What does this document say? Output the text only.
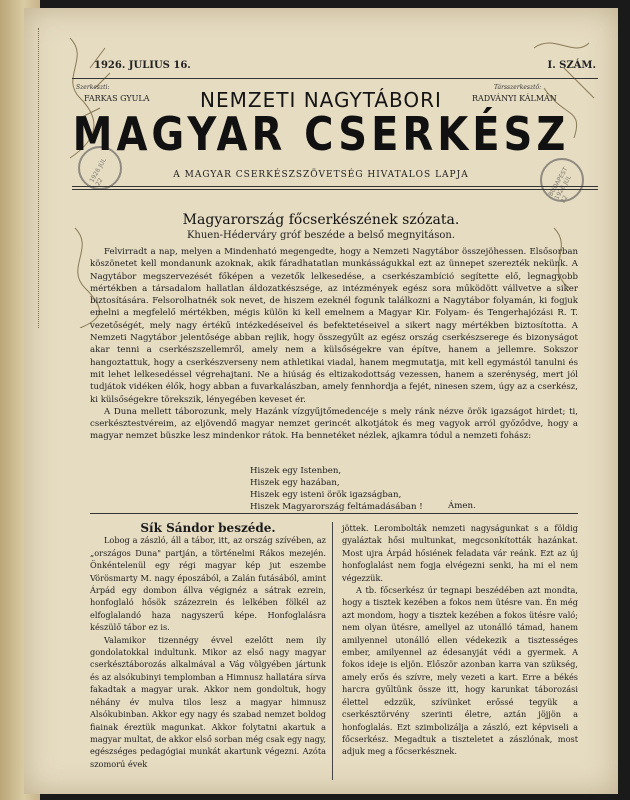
1926 JÚL 22	BUDAPEST 1926 JÚL 22
1926. JULIUS 16.	I. SZÁM.
Szerkeszti:
FARKAS GYULA
Társszerkesztő:
RADVÁNYI KÁLMÁN
NEMZETI NAGYTÁBORI
MAGYAR CSERKÉSZ
A MAGYAR CSERKÉSZSZÖVETSÉG HIVATALOS LAPJA
Magyarország főcserkészének szózata.
Khuen-Héderváry gróf beszéde a belső megnyitáson.

Felvirradt a nap, melyen a Mindenható megengedte, hogy a Nemzeti Nagytábor összejöhessen. Elsősorban köszönetet kell mondanunk azoknak, akik fáradhatatlan munkásságukkal ezt az ünnepet szerezték nekünk. A Nagytábor megszervezését főképen a vezetők lelkesedése, a cserkészambíció segítette elő, legnagyobb mértékben a társadalom hallatlan áldozatkészsége, az intézmények egész sora működött vállvetve a siker biztosítására. Felsorolhatnék sok nevet, de hiszem ezeknél fogunk találkozni a Nagytábor folyamán, ki fogjuk emelni a megfelelő mértékben, mégis külön ki kell emelnem a Magyar Kir. Folyam- és Tengerhajózási R. T. vezetőségét, mely nagy értékű intézkedéseivel és befektetéseivel a sikert nagy mértékben biztosította. A Nemzeti Nagytábor jelentősége abban rejlik, hogy összegyűlt az egész ország cserkészserege és bizonyságot akar tenni a cserkészszellemről, amely nem a külsőségekre van építve, hanem a jellemre. Sokszor hangoztattuk, hogy a cserkészverseny nem athletikai viadal, hanem megmutatja, mit kell egymástól tanulni és mit lehet lelkesedéssel végrehajtani. Ne a hiúság és eltizakodottság vezessen, hanem a szerénység, mert jól tudjátok vidéken élők, hogy abban a fuvarkalászban, amely fennhordja a fejét, ninesen szem, úgy az a cserkész, ki külsőségekre törekszik, lényegében keveset ér.

A Duna mellett táborozunk, mely Hazánk vízgyűjtőmedencéje s mely ránk nézve örök igazságot hirdet; ti, cserkésztestvéreim, az eljövendő magyar nemzet gerincét alkotjátok és meg vagyok arról győződve, hogy a magyar nemzet büszke lesz mindenkor rátok. Ha bennetéket nézlek, ajkamra tódul a nemzeti fohász:

Hiszek egy Istenben,
Hiszek egy hazában,
Hiszek egy isteni örök igazságban,
Hiszek Magyarország feltámadásában !	Ámen.

Sík Sándor beszéde.

Lobog a zászló, áll a tábor, itt, az ország szívében, az „országos Duna" partján, a történelmi Rákos mezején. Önkéntelenül egy régi magyar kép jut eszembe Vörösmarty M. nagy époszából, a Zalán futásából, amint Árpád egy dombon állva végignéz a sátrak ezrein, honfoglaló hősök százezrein és lelkében fölkél az elfoglalandó haza nagyszerű képe. Honfoglalásra készülő tábor ez is.

Valamikor tizennégy évvel ezelőtt nem ily gondolatokkal indultunk. Mikor az első nagy magyar cserkésztáborozás alkalmával a Vág völgyében jártunk és az alsókubinyi templomban a Himnusz hallatára sírva fakadtak a magyar urak. Akkor nem gondoltuk, hogy néhány év mulva tilos lesz a magyar himnusz Alsókubinban. Akkor egy nagy és szabad nemzet boldog fiainak éreztük magunkat. Akkor folytatni akartuk a magyar multat, de akkor első sorban még csak egy nagy, egészséges pedagógiai munkát akartunk végezni. Azóta szomorú évek

jöttek. Lerombolták nemzeti nagyságunkat s a földig gyaláztak hősi multunkat, megcsonkították hazánkat. Most ujra Árpád hősiének feladata vár reánk. Ezt az új honfoglalást nem fogja elvégezni senki, ha mi el nem végezzük.

A tb. főcserkész úr tegnapi beszédében azt mondta, hogy a tisztek kezében a fokos nem ütésre van. Én még azt mondom, hogy a tisztek kezében a fokos ütésre való; nem olyan ütésre, amellyel az utonálló támad, hanem amilyennel utonálló ellen védekezik a tisztességes ember, amilyennel az édesanyját védi a gyermek. A fokos ideje is eljön. Először azonban karra van szükség, amely erős és szívre, mely vezeti a kart. Erre a békés harcra gyűltünk össze itt, hogy karunkat táborozási élettel edzzük, szívünket erőssé tegyük a cserkésztörvény szerinti életre, aztán jöjjön a honfoglalás. Ezt szimbolizálja a zászló, ezt képviseli a főcserkész. Megadtuk a tiszteletet a zászlónak, most adjuk meg a főcserkésznek.
